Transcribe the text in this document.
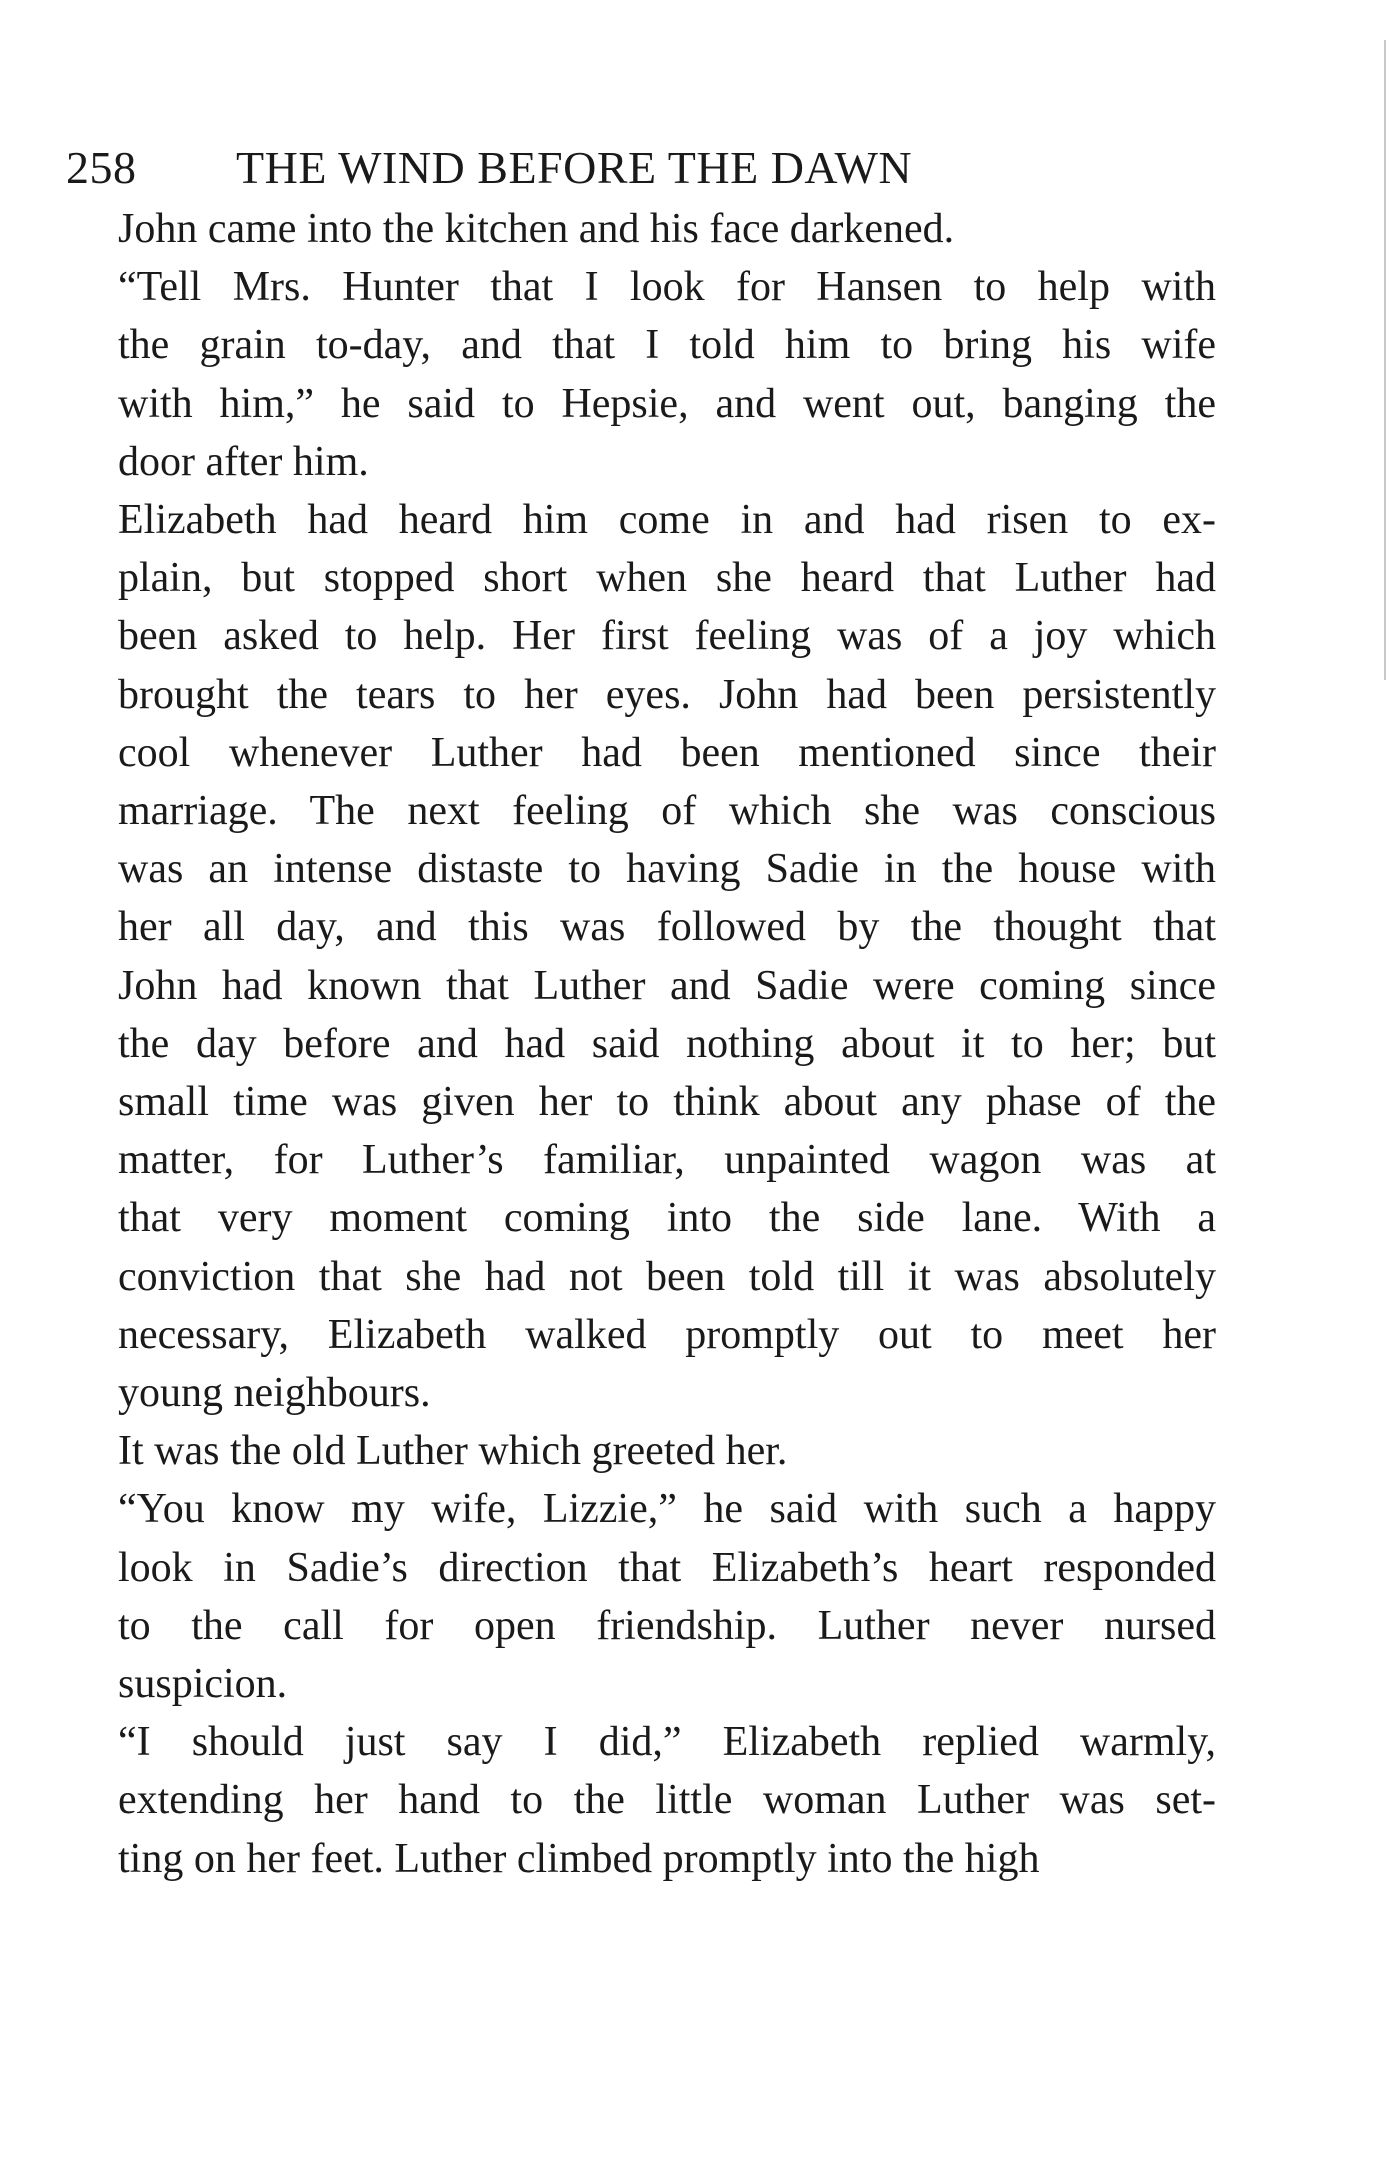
258	THE WIND BEFORE THE DAWN

John came into the kitchen and his face darkened.

“Tell Mrs. Hunter that I look for Hansen to help with
the grain to-day, and that I told him to bring his wife
with him,” he said to Hepsie, and went out, banging the
door after him.

Elizabeth had heard him come in and had risen to ex-
plain, but stopped short when she heard that Luther had
been asked to help. Her first feeling was of a joy which
brought the tears to her eyes. John had been persistently
cool whenever Luther had been mentioned since their
marriage. The next feeling of which she was conscious
was an intense distaste to having Sadie in the house with
her all day, and this was followed by the thought that
John had known that Luther and Sadie were coming since
the day before and had said nothing about it to her; but
small time was given her to think about any phase of the
matter, for Luther’s familiar, unpainted wagon was at
that very moment coming into the side lane. With a
conviction that she had not been told till it was absolutely
necessary, Elizabeth walked promptly out to meet her
young neighbours.

It was the old Luther which greeted her.

“You know my wife, Lizzie,” he said with such a happy
look in Sadie’s direction that Elizabeth’s heart responded
to the call for open friendship. Luther never nursed
suspicion.

“I should just say I did,” Elizabeth replied warmly,
extending her hand to the little woman Luther was set-
ting on her feet. Luther climbed promptly into the high
